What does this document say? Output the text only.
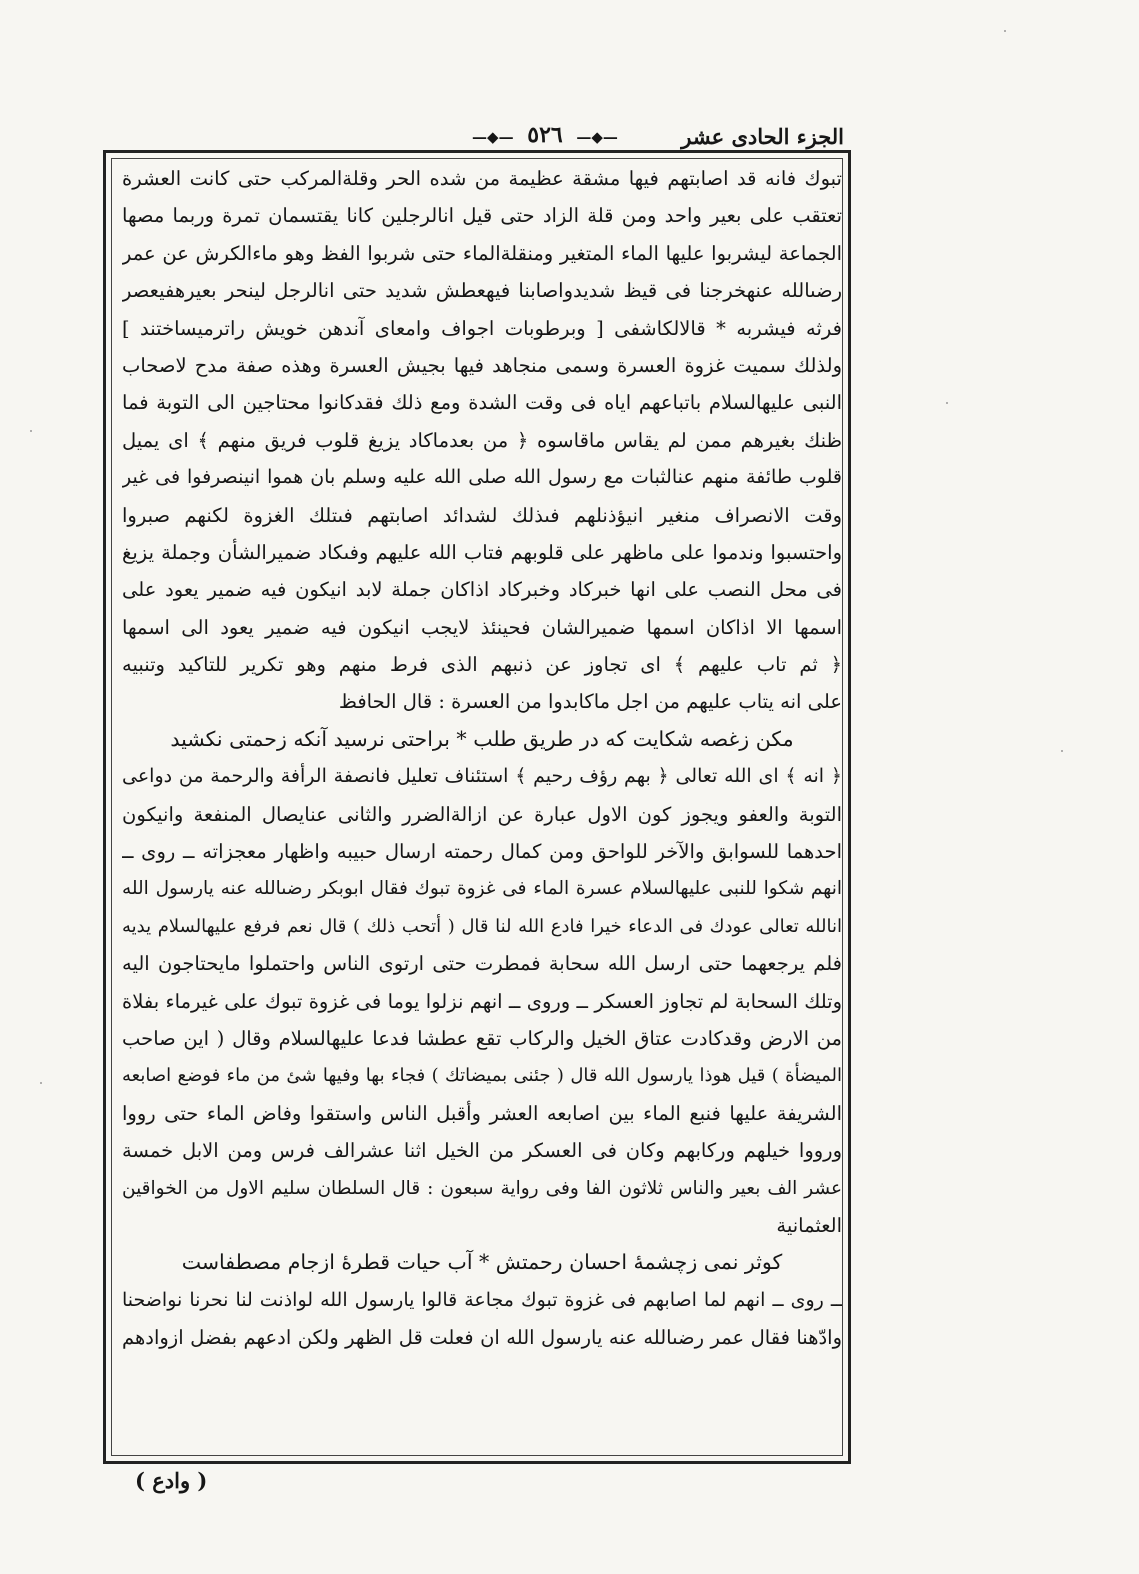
الجزء الحادى عشر
—◆— ٥٢٦ —◆—
تبوك فانه قد اصابتهم فيها مشقة عظيمة من شده الحر وقلةالمركب حتى كانت العشرة
تعتقب على بعير واحد ومن قلة الزاد حتى قيل انالرجلين كانا يقتسمان تمرة وربما مصها
الجماعة ليشربوا عليها الماء المتغير ومنقلةالماء حتى شربوا الفظ وهو ماءالكرش عن عمر
رضىالله عنهخرجنا فى قيظ شديدواصابنا فيهعطش شديد حتى انالرجل لينحر بعيرهفيعصر
فرثه فيشربه * قالالكاشفى [ وبرطوبات اجواف وامعاى آندهن خويش راترميساختند ]
ولذلك سميت غزوة العسرة وسمى منجاهد فيها بجيش العسرة وهذه صفة مدح لاصحاب
النبى عليهالسلام باتباعهم اياه فى وقت الشدة ومع ذلك فقدكانوا محتاجين الى التوبة فما
ظنك بغيرهم ممن لم يقاس ماقاسوه ﴿ من بعدماكاد يزيغ قلوب فريق منهم ﴾ اى يميل
قلوب طائفة منهم عنالثبات مع رسول الله صلى الله عليه وسلم بان هموا انينصرفوا فى غير
وقت الانصراف منغير انيؤذنلهم فىذلك لشدائد اصابتهم فىتلك الغزوة لكنهم صبروا
واحتسبوا وندموا على ماظهر على قلوبهم فتاب الله عليهم وفىكاد ضميرالشأن وجملة يزيغ
فى محل النصب على انها خبركاد وخبركاد اذاكان جملة لابد انيكون فيه ضمير يعود على
اسمها الا اذاكان اسمها ضميرالشان فحينئذ لايجب انيكون فيه ضمير يعود الى اسمها
﴿ ثم تاب عليهم ﴾ اى تجاوز عن ذنبهم الذى فرط منهم وهو تكرير للتاكيد وتنبيه
على انه يتاب عليهم من اجل ماكابدوا من العسرة : قال الحافظ
مكن زغصه شكايت كه در طريق طلب * براحتى نرسيد آنكه زحمتى نكشيد
﴿ انه ﴾ اى الله تعالى ﴿ بهم رؤف رحيم ﴾ استئناف تعليل فانصفة الرأفة والرحمة من دواعى
التوبة والعفو ويجوز كون الاول عبارة عن ازالةالضرر والثانى عنايصال المنفعة وانيكون
احدهما للسوابق والآخر للواحق ومن كمال رحمته ارسال حبيبه واظهار معجزاته ــ روى ــ
انهم شكوا للنبى عليهالسلام عسرة الماء فى غزوة تبوك فقال ابوبكر رضىالله عنه يارسول الله
انالله تعالى عودك فى الدعاء خيرا فادع الله لنا قال ( أتحب ذلك ) قال نعم فرفع عليهالسلام يديه
فلم يرجعهما حتى ارسل الله سحابة فمطرت حتى ارتوى الناس واحتملوا مايحتاجون اليه
وتلك السحابة لم تجاوز العسكر ــ وروى ــ انهم نزلوا يوما فى غزوة تبوك على غيرماء بفلاة
من الارض وقدكادت عتاق الخيل والركاب تقع عطشا فدعا عليهالسلام وقال ( اين صاحب
الميضأة ) قيل هوذا يارسول الله قال ( جئنى بميضاتك ) فجاء بها وفيها شئ من ماء فوضع اصابعه
الشريفة عليها فنبع الماء بين اصابعه العشر وأقبل الناس واستقوا وفاض الماء حتى رووا
ورووا خيلهم وركابهم وكان فى العسكر من الخيل اثنا عشرالف فرس ومن الابل خمسة
عشر الف بعير والناس ثلاثون الفا وفى رواية سبعون : قال السلطان سليم الاول من الخواقين
العثمانية
كوثر نمى زچشمهٔ احسان رحمتش * آب حيات قطرهٔ ازجام مصطفاست
ــ روى ــ انهم لما اصابهم فى غزوة تبوك مجاعة قالوا يارسول الله لواذنت لنا نحرنا نواضحنا
وادّهنا فقال عمر رضىالله عنه يارسول الله ان فعلت قل الظهر ولكن ادعهم بفضل ازوادهم
( وادع )
